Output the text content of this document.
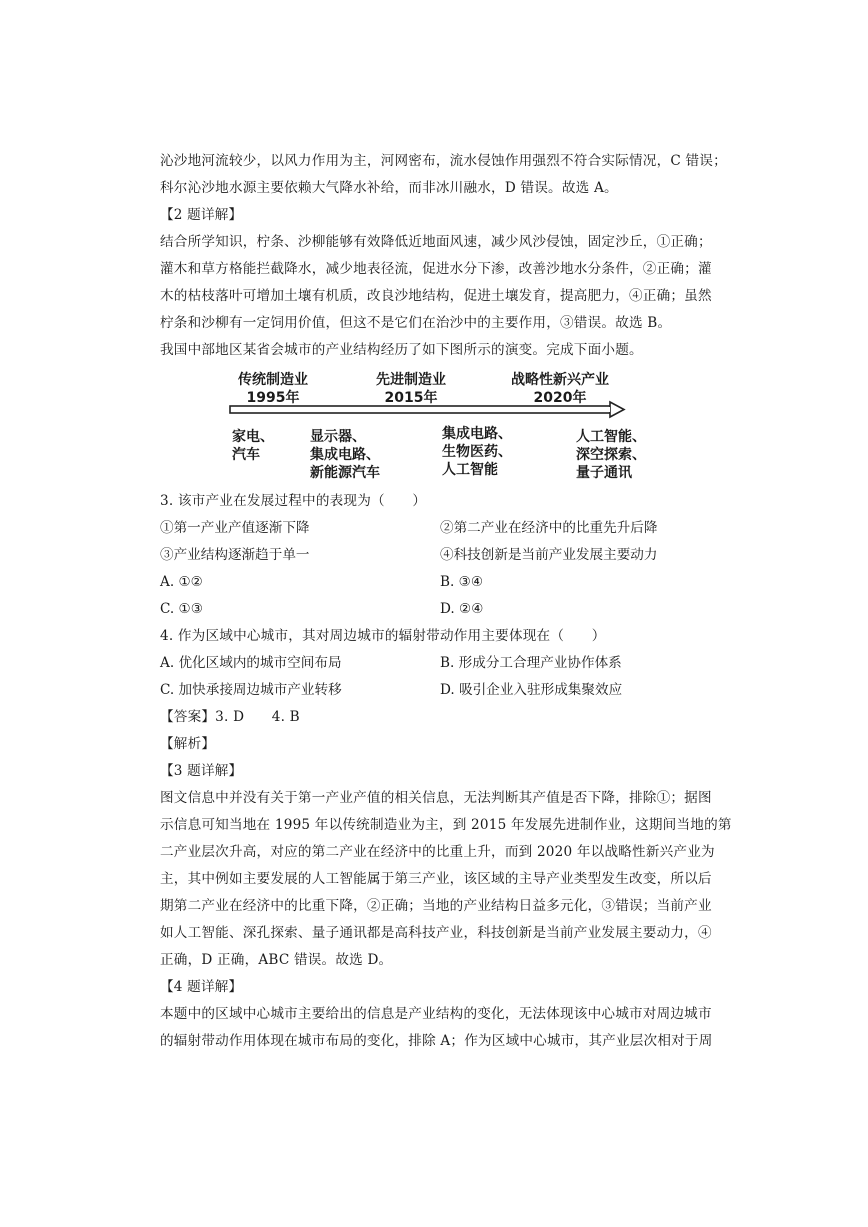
沁沙地河流较少，以风力作用为主，河网密布，流水侵蚀作用强烈不符合实际情况，C 错误；
科尔沁沙地水源主要依赖大气降水补给，而非冰川融水，D 错误。故选 A。
【2 题详解】
结合所学知识，柠条、沙柳能够有效降低近地面风速，减少风沙侵蚀，固定沙丘，①正确；
灌木和草方格能拦截降水，减少地表径流，促进水分下渗，改善沙地水分条件，②正确；灌
木的枯枝落叶可增加土壤有机质，改良沙地结构，促进土壤发育，提高肥力，④正确；虽然
柠条和沙柳有一定饲用价值，但这不是它们在治沙中的主要作用，③错误。故选 B。
我国中部地区某省会城市的产业结构经历了如下图所示的演变。完成下面小题。
传统制造业
1995年
先进制造业
2015年
战略性新兴产业
2020年
家电、
汽车
显示器、
集成电路、
新能源汽车
集成电路、
生物医药、
人工智能
人工智能、
深空探索、
量子通讯
3. 该市产业在发展过程中的表现为（　　）
①第一产业产值逐渐下降	②第二产业在经济中的比重先升后降
③产业结构逐渐趋于单一	④科技创新是当前产业发展主要动力
A. ①②	B. ③④
C. ①③	D. ②④
4. 作为区域中心城市，其对周边城市的辐射带动作用主要体现在（　　）
A. 优化区域内的城市空间布局	B. 形成分工合理产业协作体系
C. 加快承接周边城市产业转移	D. 吸引企业入驻形成集聚效应
【答案】3. D　　4. B
【解析】
【3 题详解】
图文信息中并没有关于第一产业产值的相关信息，无法判断其产值是否下降，排除①；据图
示信息可知当地在 1995 年以传统制造业为主，到 2015 年发展先进制作业，这期间当地的第
二产业层次升高，对应的第二产业在经济中的比重上升，而到 2020 年以战略性新兴产业为
主，其中例如主要发展的人工智能属于第三产业，该区域的主导产业类型发生改变，所以后
期第二产业在经济中的比重下降，②正确；当地的产业结构日益多元化，③错误；当前产业
如人工智能、深孔探索、量子通讯都是高科技产业，科技创新是当前产业发展主要动力，④
正确，D 正确，ABC 错误。故选 D。
【4 题详解】
本题中的区域中心城市主要给出的信息是产业结构的变化，无法体现该中心城市对周边城市
的辐射带动作用体现在城市布局的变化，排除 A；作为区域中心城市，其产业层次相对于周
